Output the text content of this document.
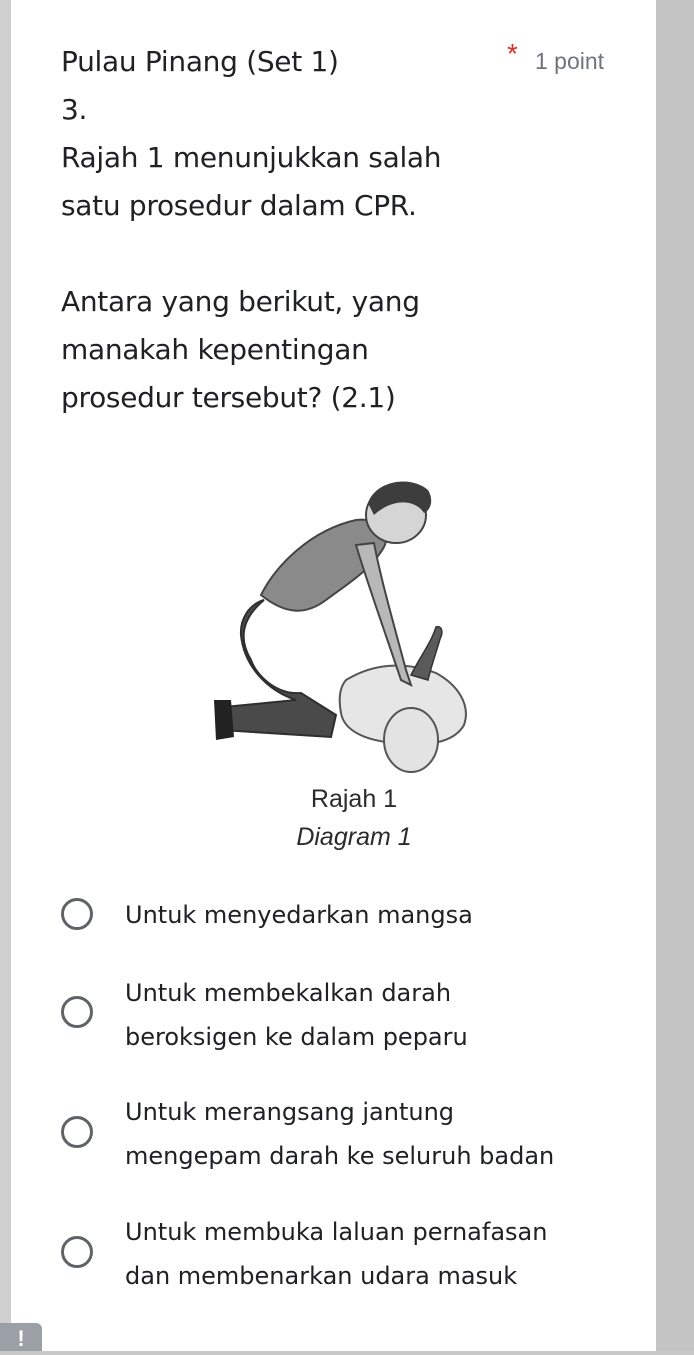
Pulau Pinang (Set 1)

3.

Rajah 1 menunjukkan salah

satu prosedur dalam CPR.

Antara yang berikut, yang

manakah kepentingan

prosedur tersebut? (2.1)

* 1 point
Rajah 1
Diagram 1
Untuk menyedarkan mangsa
Untuk membekalkan darah
beroksigen ke dalam peparu
Untuk merangsang jantung
mengepam darah ke seluruh badan
Untuk membuka laluan pernafasan
dan membenarkan udara masuk
!
